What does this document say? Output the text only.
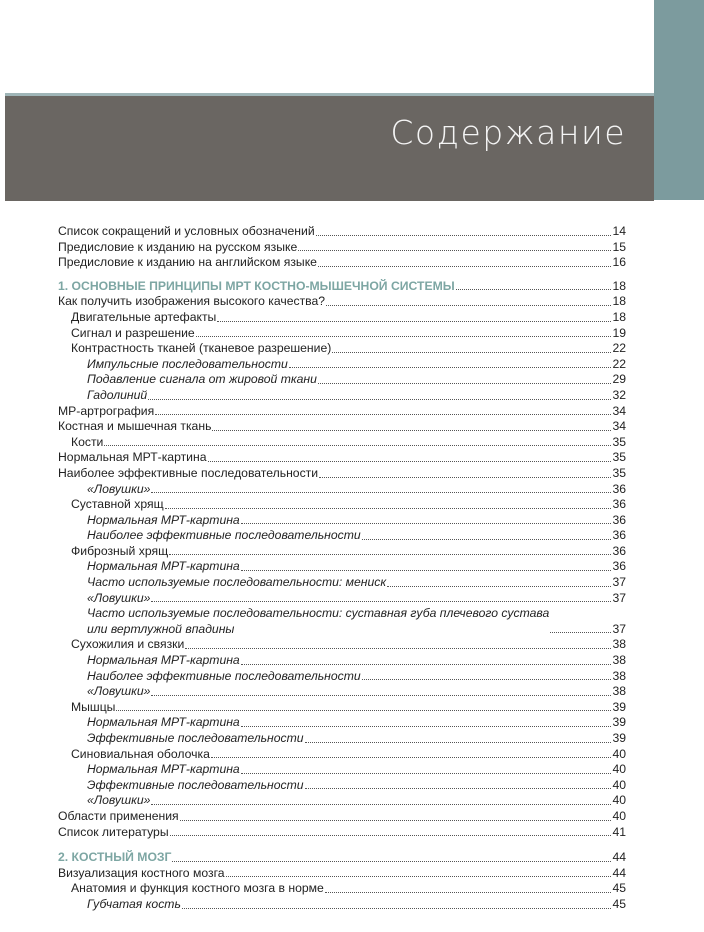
Содержание
Список сокращений и условных обозначений	14
Предисловие к изданию на русском языке	15
Предисловие к изданию на английском языке	16
1. ОСНОВНЫЕ ПРИНЦИПЫ МРТ КОСТНО-МЫШЕЧНОЙ СИСТЕМЫ	18
Как получить изображения высокого качества?	18
Двигательные артефакты	18
Сигнал и разрешение	19
Контрастность тканей (тканевое разрешение)	22
Импульсные последовательности	22
Подавление сигнала от жировой ткани	29
Гадолиний	32
МР-артрография	34
Костная и мышечная ткань	34
Кости	35
Нормальная МРТ-картина	35
Наиболее эффективные последовательности	35
«Ловушки»	36
Суставной хрящ	36
Нормальная МРТ-картина	36
Наиболее эффективные последовательности	36
Фиброзный хрящ	36
Нормальная МРТ-картина	36
Часто используемые последовательности: мениск	37
«Ловушки»	37
Часто используемые последовательности: суставная губа плечевого сустава
или вертлужной впадины	37
Сухожилия и связки	38
Нормальная МРТ-картина	38
Наиболее эффективные последовательности	38
«Ловушки»	38
Мышцы	39
Нормальная МРТ-картина	39
Эффективные последовательности	39
Синовиальная оболочка	40
Нормальная МРТ-картина	40
Эффективные последовательности	40
«Ловушки»	40
Области применения	40
Список литературы	41
2. КОСТНЫЙ МОЗГ	44
Визуализация костного мозга	44
Анатомия и функция костного мозга в норме	45
Губчатая кость	45
